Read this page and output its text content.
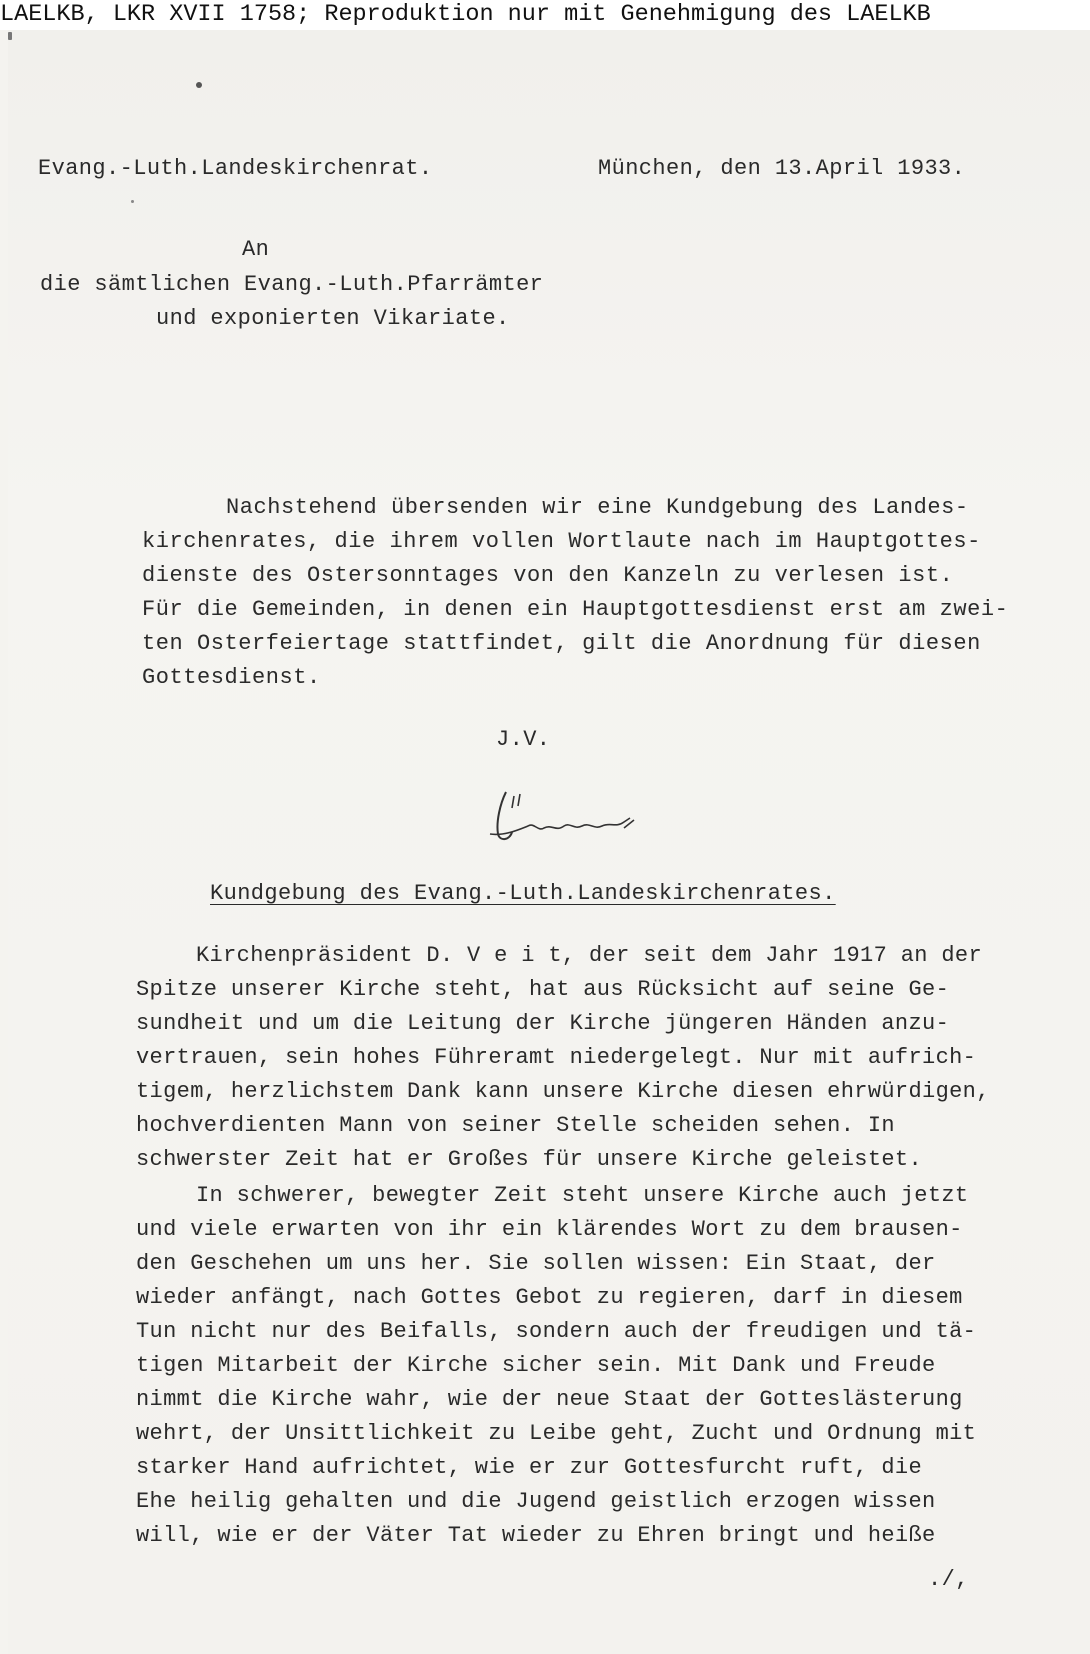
LAELKB, LKR XVII 1758; Reproduktion nur mit Genehmigung des LAELKB
Evang.-Luth.Landeskirchenrat.	München, den 13.April 1933.
An
die sämtlichen Evang.-Luth.Pfarrämter
und exponierten Vikariate.
Nachstehend übersenden wir eine Kundgebung des Landes-
kirchenrates, die ihrem vollen Wortlaute nach im Hauptgottes-
dienste des Ostersonntages von den Kanzeln zu verlesen ist.
Für die Gemeinden, in denen ein Hauptgottesdienst erst am zwei-
ten Osterfeiertage stattfindet, gilt die Anordnung für diesen
Gottesdienst.
J.V.
Kundgebung des Evang.-Luth.Landeskirchenrates.
Kirchenpräsident D. V e i t, der seit dem Jahr 1917 an der
Spitze unserer Kirche steht, hat aus Rücksicht auf seine Ge-
sundheit und um die Leitung der Kirche jüngeren Händen anzu-
vertrauen, sein hohes Führeramt niedergelegt. Nur mit aufrich-
tigem, herzlichstem Dank kann unsere Kirche diesen ehrwürdigen,
hochverdienten Mann von seiner Stelle scheiden sehen. In
schwerster Zeit hat er Großes für unsere Kirche geleistet.
In schwerer, bewegter Zeit steht unsere Kirche auch jetzt
und viele erwarten von ihr ein klärendes Wort zu dem brausen-
den Geschehen um uns her. Sie sollen wissen: Ein Staat, der
wieder anfängt, nach Gottes Gebot zu regieren, darf in diesem
Tun nicht nur des Beifalls, sondern auch der freudigen und tä-
tigen Mitarbeit der Kirche sicher sein. Mit Dank und Freude
nimmt die Kirche wahr, wie der neue Staat der Gotteslästerung
wehrt, der Unsittlichkeit zu Leibe geht, Zucht und Ordnung mit
starker Hand aufrichtet, wie er zur Gottesfurcht ruft, die
Ehe heilig gehalten und die Jugend geistlich erzogen wissen
will, wie er der Väter Tat wieder zu Ehren bringt und heiße
./,
